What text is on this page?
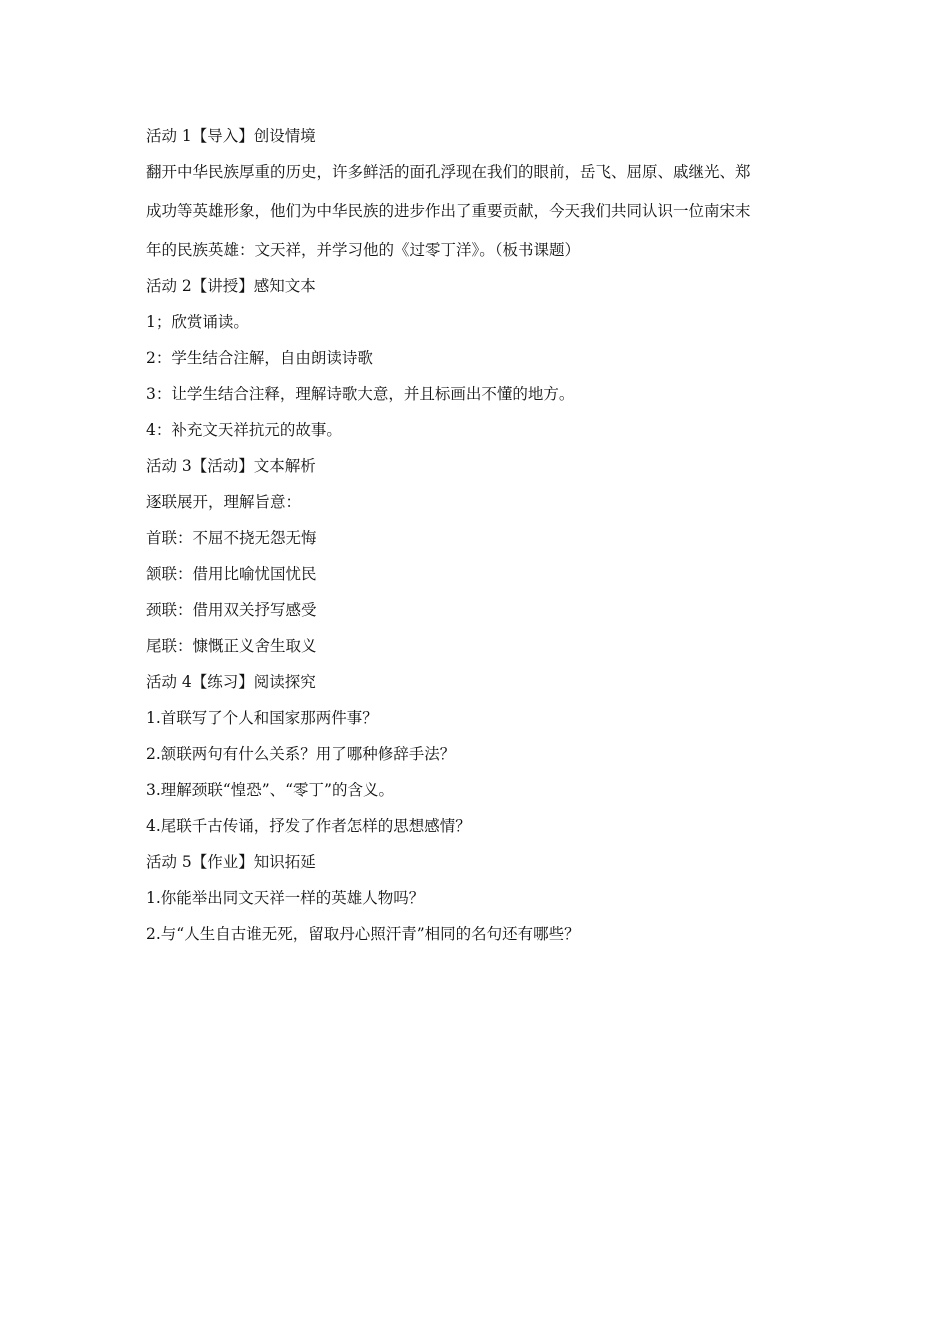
活动 1【导入】创设情境
翻开中华民族厚重的历史，许多鲜活的面孔浮现在我们的眼前，岳飞、屈原、戚继光、郑
成功等英雄形象，他们为中华民族的进步作出了重要贡献，今天我们共同认识一位南宋末
年的民族英雄：文天祥，并学习他的《过零丁洋》。（板书课题）
活动 2【讲授】感知文本
1；欣赏诵读。
2：学生结合注解，自由朗读诗歌
3：让学生结合注释，理解诗歌大意，并且标画出不懂的地方。
4：补充文天祥抗元的故事。
活动 3【活动】文本解析
逐联展开，理解旨意：
首联：不屈不挠无怨无悔
颔联：借用比喻忧国忧民
颈联：借用双关抒写感受
尾联：慷慨正义舍生取义
活动 4【练习】阅读探究
1.首联写了个人和国家那两件事？
2.颔联两句有什么关系？用了哪种修辞手法？
3.理解颈联“惶恐”、“零丁”的含义。
4.尾联千古传诵，抒发了作者怎样的思想感情？
活动 5【作业】知识拓延
1.你能举出同文天祥一样的英雄人物吗？
2.与“人生自古谁无死，留取丹心照汗青”相同的名句还有哪些？
